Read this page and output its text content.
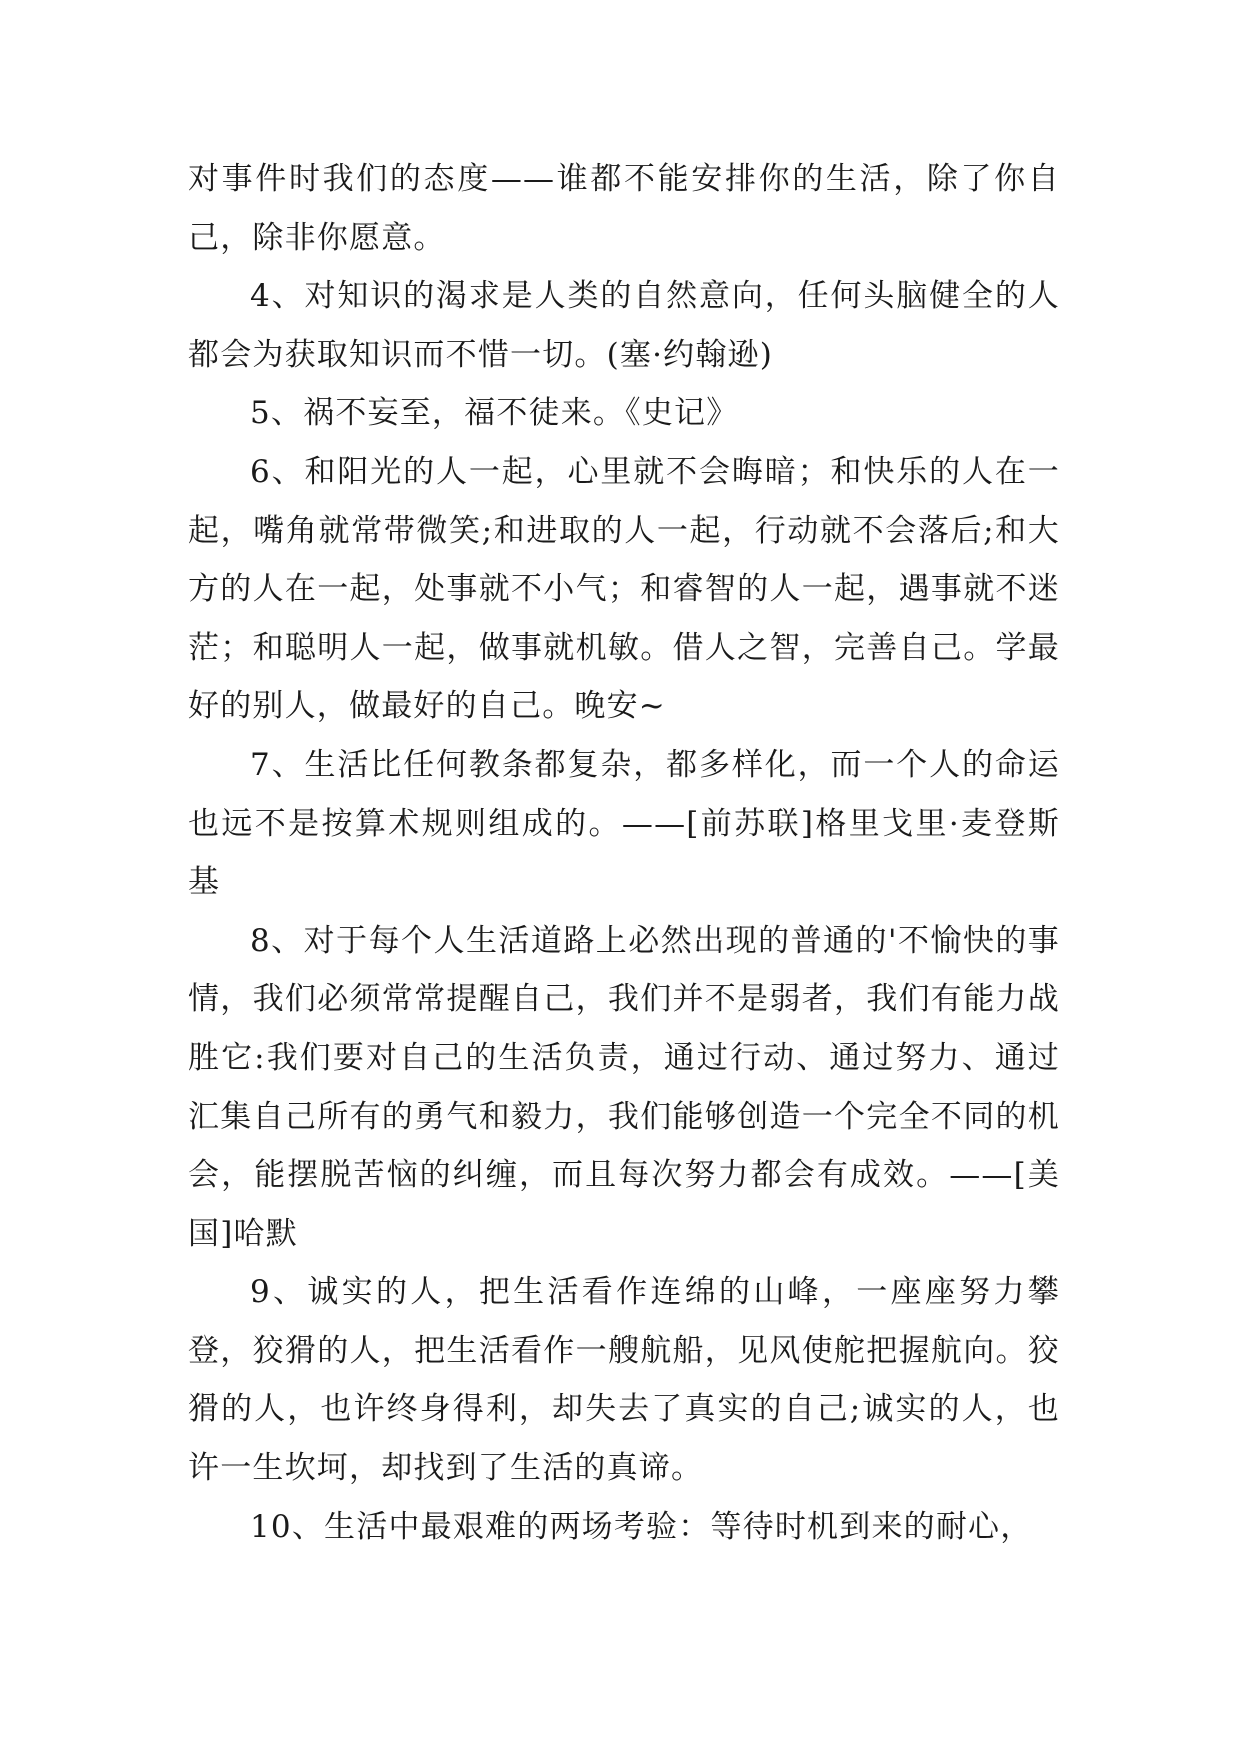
对事件时我们的态度——谁都不能安排你的生活，除了你自己，除非你愿意。

4、对知识的渴求是人类的自然意向，任何头脑健全的人都会为获取知识而不惜一切。(塞·约翰逊)

5、祸不妄至，福不徒来。《史记》

6、和阳光的人一起，心里就不会晦暗；和快乐的人在一起，嘴角就常带微笑;和进取的人一起，行动就不会落后;和大方的人在一起，处事就不小气；和睿智的人一起，遇事就不迷茫；和聪明人一起，做事就机敏。借人之智，完善自己。学最好的别人，做最好的自己。晚安~

7、生活比任何教条都复杂，都多样化，而一个人的命运也远不是按算术规则组成的。——[前苏联]格里戈里·麦登斯基

8、对于每个人生活道路上必然出现的普通的'不愉快的事情，我们必须常常提醒自己，我们并不是弱者，我们有能力战胜它:我们要对自己的生活负责，通过行动、通过努力、通过汇集自己所有的勇气和毅力，我们能够创造一个完全不同的机会，能摆脱苦恼的纠缠，而且每次努力都会有成效。——[美国]哈默

9、诚实的人，把生活看作连绵的山峰，一座座努力攀登，狡猾的人，把生活看作一艘航船，见风使舵把握航向。狡猾的人，也许终身得利，却失去了真实的自己;诚实的人，也许一生坎坷，却找到了生活的真谛。

10、生活中最艰难的两场考验：等待时机到来的耐心，
